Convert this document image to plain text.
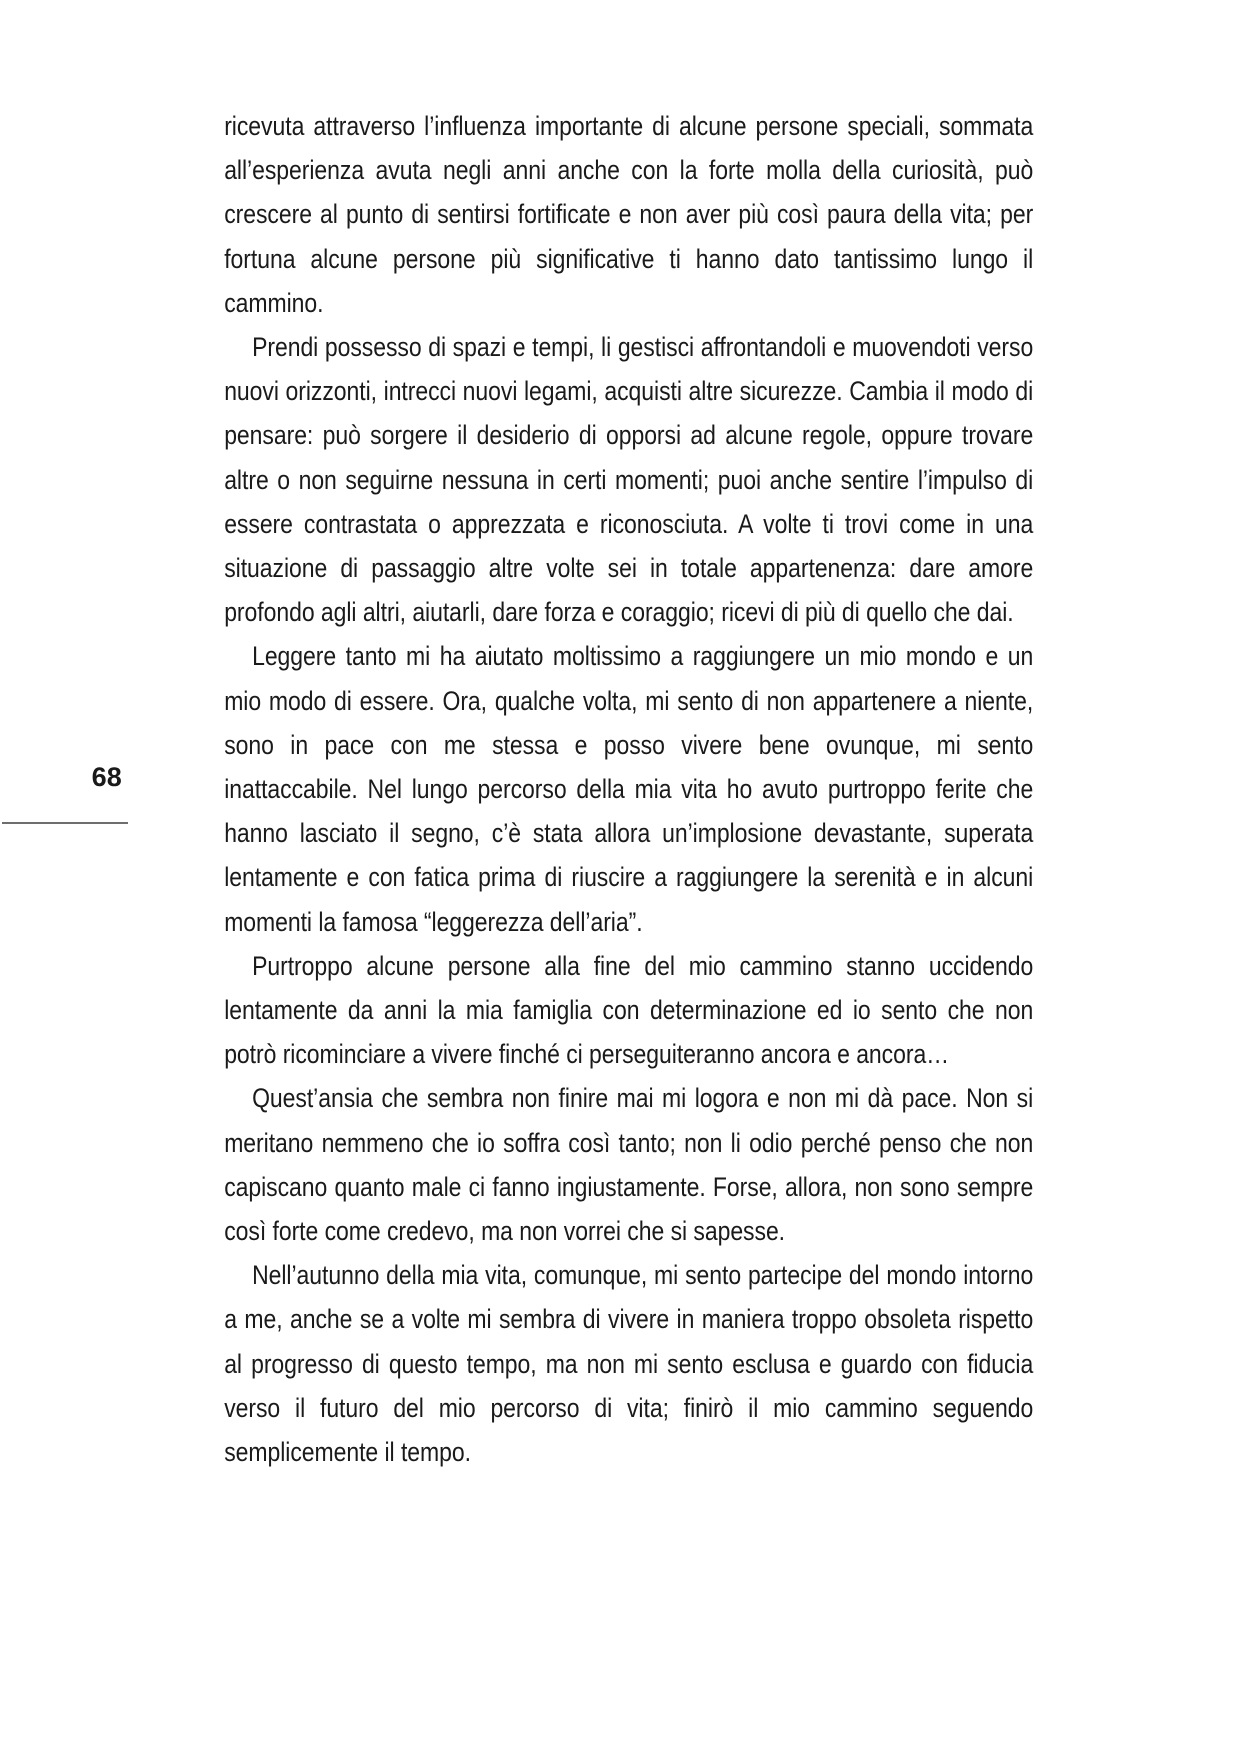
68

ricevuta attraverso l’influenza importante di alcune persone speciali, sommata all’esperienza avuta negli anni anche con la forte molla della curiosità, può crescere al punto di sentirsi fortificate e non aver più così paura della vita; per fortuna alcune persone più significative ti hanno dato tantissimo lungo il cammino.

Prendi possesso di spazi e tempi, li gestisci affrontandoli e muovendoti verso nuovi orizzonti, intrecci nuovi legami, acquisti altre sicurezze. Cambia il modo di pensare: può sorgere il desiderio di opporsi ad alcune regole, oppure trovare altre o non seguirne nessuna in certi momenti; puoi anche sentire l’impulso di essere contrastata o apprezzata e riconosciuta. A volte ti trovi come in una situazione di passaggio altre volte sei in totale appartenenza: dare amore profondo agli altri, aiutarli, dare forza e coraggio; ricevi di più di quello che dai.

Leggere tanto mi ha aiutato moltissimo a raggiungere un mio mondo e un mio modo di essere. Ora, qualche volta, mi sento di non appartenere a niente, sono in pace con me stessa e posso vivere bene ovunque, mi sento inattaccabile. Nel lungo percorso della mia vita ho avuto purtroppo ferite che hanno lasciato il segno, c’è stata allora un’implosione devastante, superata lentamente e con fatica prima di riuscire a raggiungere la serenità e in alcuni momenti la famosa “leggerezza dell’aria”.

Purtroppo alcune persone alla fine del mio cammino stanno uccidendo lentamente da anni la mia famiglia con determinazione ed io sento che non potrò ricominciare a vivere finché ci perseguiteranno ancora e ancora…

Quest’ansia che sembra non finire mai mi logora e non mi dà pace. Non si meritano nemmeno che io soffra così tanto; non li odio perché penso che non capiscano quanto male ci fanno ingiustamente. Forse, allora, non sono sempre così forte come credevo, ma non vorrei che si sapesse.

Nell’autunno della mia vita, comunque, mi sento partecipe del mondo intorno a me, anche se a volte mi sembra di vivere in maniera troppo obsoleta rispetto al progresso di questo tempo, ma non mi sento esclusa e guardo con fiducia verso il futuro del mio percorso di vita; finirò il mio cammino seguendo semplicemente il tempo.
